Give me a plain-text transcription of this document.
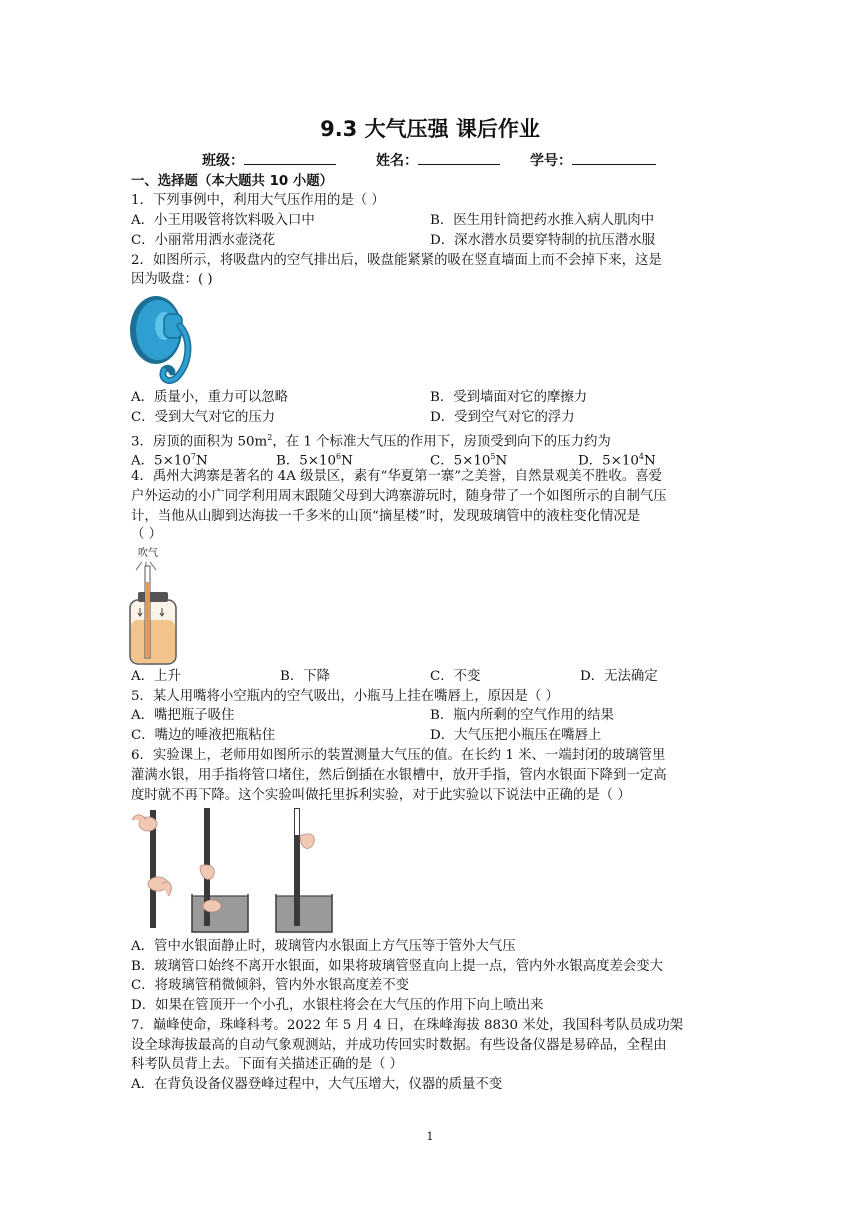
9.3 大气压强 课后作业
班级：	姓名：	学号：
一、选择题（本大题共 10 小题）
1．下列事例中，利用大气压作用的是（ ）
A．小王用吸管将饮料吸入口中	B．医生用针筒把药水推入病人肌肉中
C．小丽常用洒水壶浇花	D．深水潜水员要穿特制的抗压潜水服
2．如图所示，将吸盘内的空气排出后，吸盘能紧紧的吸在竖直墙面上而不会掉下来，这是
因为吸盘：( )
A．质量小，重力可以忽略	B．受到墙面对它的摩擦力
C．受到大气对它的压力	D．受到空气对它的浮力
3．房顶的面积为 $50m^2$，在 1 个标准大气压的作用下，房顶受到向下的压力约为
A．$5\times 10^7N$	B．$5\times 10^6N$	C．$5\times 10^5N$	D．$5\times 10^4N$
4．禹州大鸿寨是著名的 4A 级景区，素有“华夏第一寨”之美誉，自然景观美不胜收。喜爱
户外运动的小广同学利用周末跟随父母到大鸿寨游玩时，随身带了一个如图所示的自制气压
计，当他从山脚到达海拔一千多米的山顶“摘星楼”时，发现玻璃管中的液柱变化情况是
（ ）
吹气
A．上升	B．下降	C．不变	D．无法确定
5．某人用嘴将小空瓶内的空气吸出，小瓶马上挂在嘴唇上，原因是（ ）
A．嘴把瓶子吸住	B．瓶内所剩的空气作用的结果
C．嘴边的唾液把瓶粘住	D．大气压把小瓶压在嘴唇上
6．实验课上，老师用如图所示的装置测量大气压的值。在长约 1 米、一端封闭的玻璃管里
灌满水银，用手指将管口堵住，然后倒插在水银槽中，放开手指，管内水银面下降到一定高
度时就不再下降。这个实验叫做托里拆利实验，对于此实验以下说法中正确的是（ ）
A．管中水银面静止时，玻璃管内水银面上方气压等于管外大气压
B．玻璃管口始终不离开水银面，如果将玻璃管竖直向上提一点，管内外水银高度差会变大
C．将玻璃管稍微倾斜，管内外水银高度差不变
D．如果在管顶开一个小孔，水银柱将会在大气压的作用下向上喷出来
7．巅峰使命，珠峰科考。2022 年 5 月 4 日，在珠峰海拔 8830 米处，我国科考队员成功架
设全球海拔最高的自动气象观测站，并成功传回实时数据。有些设备仪器是易碎品，全程由
科考队员背上去。下面有关描述正确的是（ ）
A．在背负设备仪器登峰过程中，大气压增大，仪器的质量不变
1
